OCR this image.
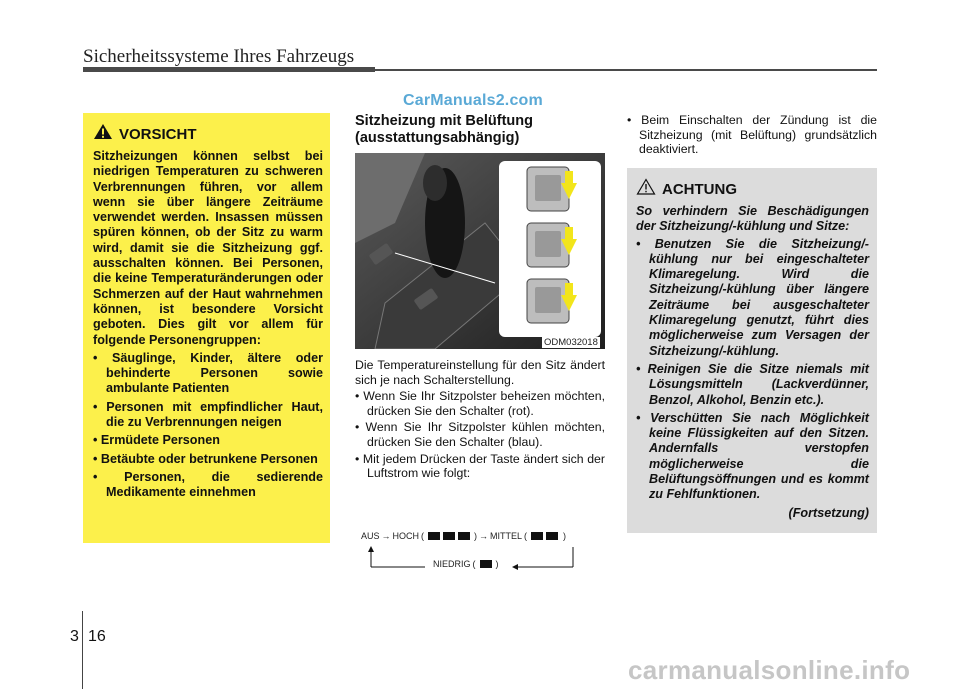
Sicherheitssysteme Ihres Fahrzeugs
CarManuals2.com
VORSICHT
Sitzheizungen können selbst bei niedrigen Temperaturen zu schweren Verbrennungen führen, vor allem wenn sie über längere Zeiträume verwendet werden. Insassen müssen spüren können, ob der Sitz zu warm wird, damit sie die Sitzheizung ggf. ausschalten können. Bei Personen, die keine Temperaturänderungen oder Schmerzen auf der Haut wahrnehmen können, ist besondere Vorsicht geboten. Dies gilt vor allem für folgende Personengruppen:
• Säuglinge, Kinder, ältere oder behinderte Personen sowie ambulante Patienten
• Personen mit empfindlicher Haut, die zu Verbrennungen neigen
• Ermüdete Personen
• Betäubte oder betrunkene Personen
• Personen, die sedierende Medikamente einnehmen
Sitzheizung mit Belüftung (ausstattungsabhängig)
ODM032018
Die Temperatureinstellung für den Sitz ändert sich je nach Schalterstellung.
• Wenn Sie Ihr Sitzpolster beheizen möchten, drücken Sie den Schalter (rot).
• Wenn Sie Ihr Sitzpolster kühlen möchten, drücken Sie den Schalter (blau).
• Mit jedem Drücken der Taste ändert sich der Luftstrom wie folgt:
AUS → HOCH (	) → MITTEL (	)
NIEDRIG ( )
• Beim Einschalten der Zündung ist die Sitzheizung (mit Belüftung) grundsätzlich deaktiviert.
ACHTUNG
So verhindern Sie Beschädigungen der Sitzheizung/-kühlung und Sitze:
• Benutzen Sie die Sitzheizung/-kühlung nur bei eingeschalteter Klimaregelung. Wird die Sitzheizung/-kühlung über längere Zeiträume bei ausgeschalteter Klimaregelung genutzt, führt dies möglicherweise zum Versagen der Sitzheizung/-kühlung.
• Reinigen Sie die Sitze niemals mit Lösungsmitteln (Lackverdünner, Benzol, Alkohol, Benzin etc.).
• Verschütten Sie nach Möglichkeit keine Flüssigkeiten auf den Sitzen. Andernfalls verstopfen möglicherweise die Belüftungsöffnungen und es kommt zu Fehlfunktionen.
(Fortsetzung)
3 16
carmanualsonline.info
